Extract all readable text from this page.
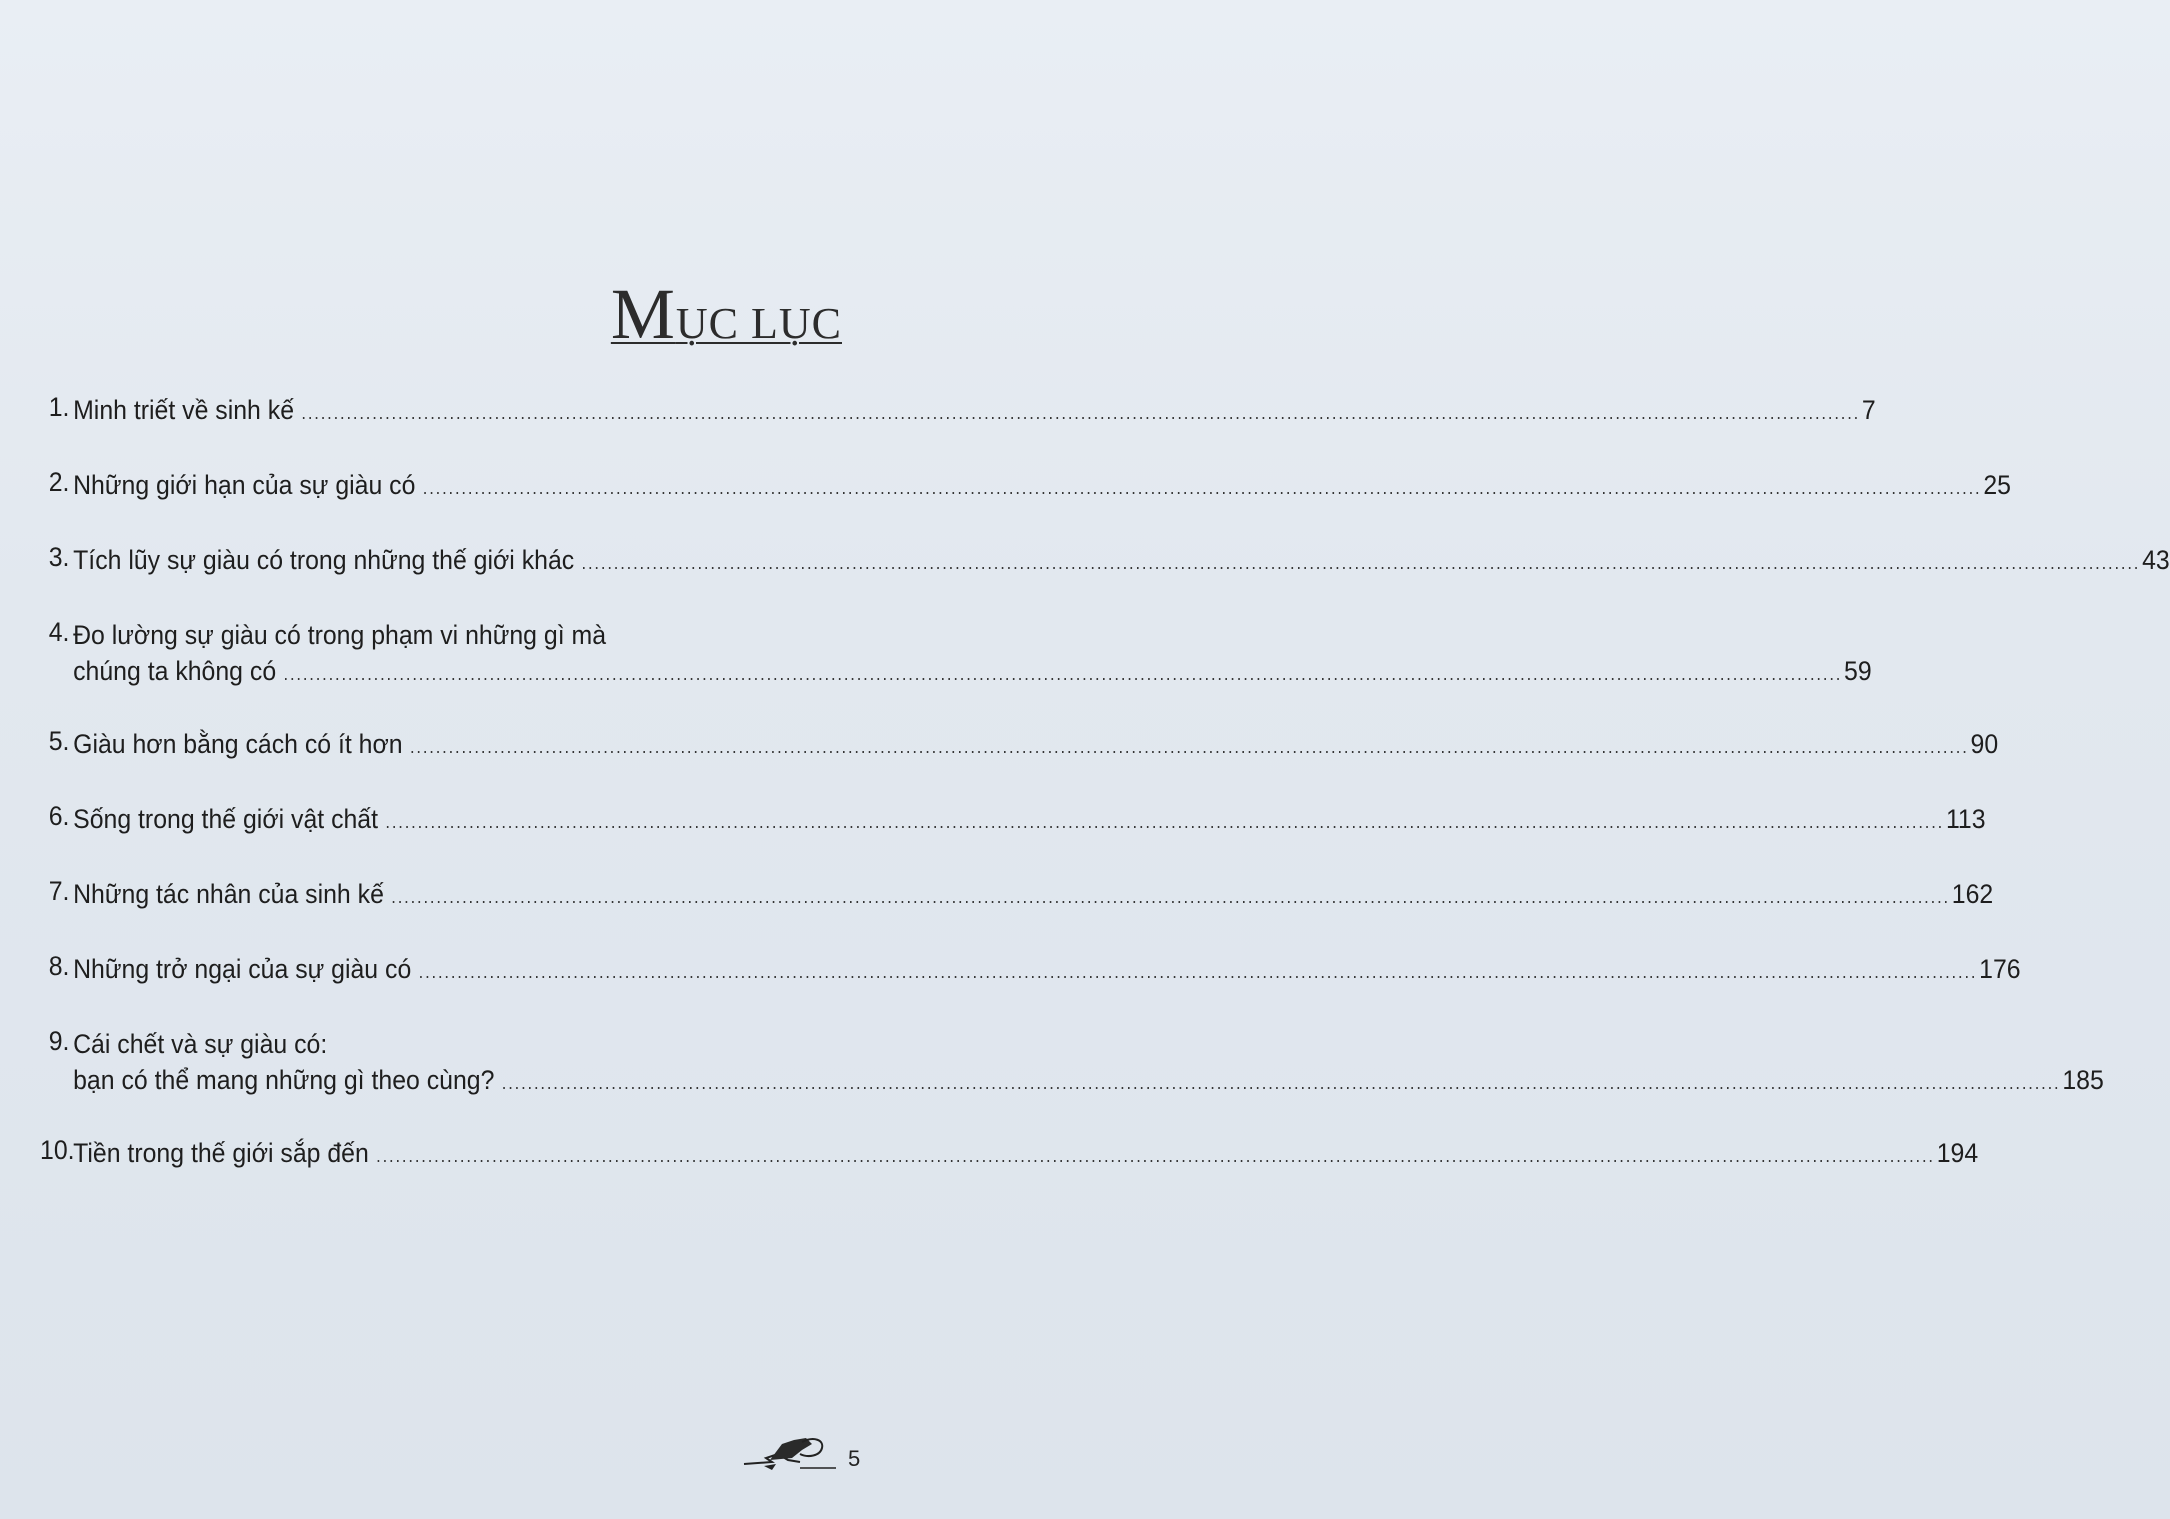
MỤC LỤC
1. Minh triết về sinh kế .....	7
2. Những giới hạn của sự giàu có .....	25
3. Tích lũy sự giàu có trong những thế giới khác .....	43
4. Đo lường sự giàu có trong phạm vi những gì mà
chúng ta không có .....	59
5. Giàu hơn bằng cách có ít hơn .....	90
6. Sống trong thế giới vật chất .....	113
7. Những tác nhân của sinh kế .....	162
8. Những trở ngại của sự giàu có .....	176
9. Cái chết và sự giàu có:
bạn có thể mang những gì theo cùng? .....	185
10.
Tiền trong thế giới sắp đến .....	194
5
